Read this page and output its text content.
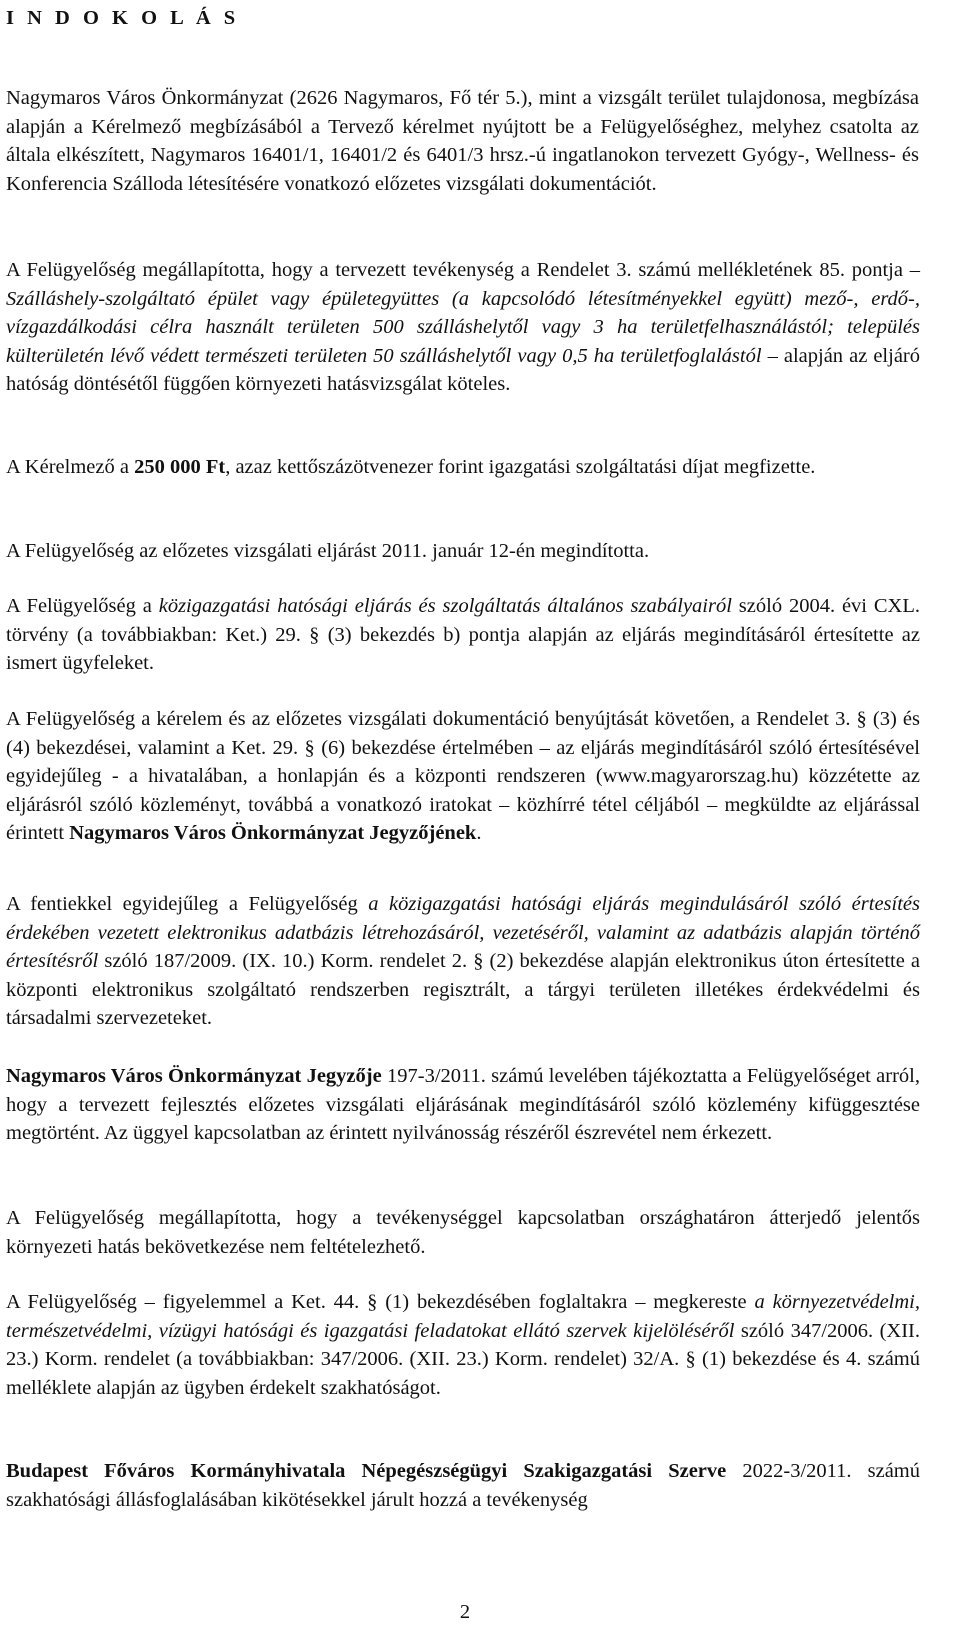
I N D O K O L Á S

Nagymaros Város Önkormányzat (2626 Nagymaros, Fő tér 5.), mint a vizsgált terület tulajdonosa, megbízása alapján a Kérelmező megbízásából a Tervező kérelmet nyújtott be a Felügyelőséghez, melyhez csatolta az általa elkészített, Nagymaros 16401/1, 16401/2 és 6401/3 hrsz.-ú ingatlanokon tervezett Gyógy-, Wellness- és Konferencia Szálloda létesítésére vonatkozó előzetes vizsgálati dokumentációt.

A Felügyelőség megállapította, hogy a tervezett tevékenység a Rendelet 3. számú mellékletének 85. pontja – Szálláshely-szolgáltató épület vagy épületegyüttes (a kapcsolódó létesítményekkel együtt) mező-, erdő-, vízgazdálkodási célra használt területen 500 szálláshelytől vagy 3 ha területfelhasználástól; település külterületén lévő védett természeti területen 50 szálláshelytől vagy 0,5 ha területfoglalástól – alapján az eljáró hatóság döntésétől függően környezeti hatásvizsgálat köteles.

A Kérelmező a 250 000 Ft, azaz kettőszázötvenezer forint igazgatási szolgáltatási díjat megfizette.

A Felügyelőség az előzetes vizsgálati eljárást 2011. január 12-én megindította.

A Felügyelőség a közigazgatási hatósági eljárás és szolgáltatás általános szabályairól szóló 2004. évi CXL. törvény (a továbbiakban: Ket.) 29. § (3) bekezdés b) pontja alapján az eljárás megindításáról értesítette az ismert ügyfeleket.

A Felügyelőség a kérelem és az előzetes vizsgálati dokumentáció benyújtását követően, a Rendelet 3. § (3) és (4) bekezdései, valamint a Ket. 29. § (6) bekezdése értelmében – az eljárás megindításáról szóló értesítésével egyidejűleg - a hivatalában, a honlapján és a központi rendszeren (www.magyarorszag.hu) közzétette az eljárásról szóló közleményt, továbbá a vonatkozó iratokat – közhírré tétel céljából – megküldte az eljárással érintett Nagymaros Város Önkormányzat Jegyzőjének.

A fentiekkel egyidejűleg a Felügyelőség a közigazgatási hatósági eljárás megindulásáról szóló értesítés érdekében vezetett elektronikus adatbázis létrehozásáról, vezetéséről, valamint az adatbázis alapján történő értesítésről szóló 187/2009. (IX. 10.) Korm. rendelet 2. § (2) bekezdése alapján elektronikus úton értesítette a központi elektronikus szolgáltató rendszerben regisztrált, a tárgyi területen illetékes érdekvédelmi és társadalmi szervezeteket.

Nagymaros Város Önkormányzat Jegyzője 197-3/2011. számú levelében tájékoztatta a Felügyelőséget arról, hogy a tervezett fejlesztés előzetes vizsgálati eljárásának megindításáról szóló közlemény kifüggesztése megtörtént. Az üggyel kapcsolatban az érintett nyilvánosság részéről észrevétel nem érkezett.

A Felügyelőség megállapította, hogy a tevékenységgel kapcsolatban országhatáron átterjedő jelentős környezeti hatás bekövetkezése nem feltételezhető.

A Felügyelőség – figyelemmel a Ket. 44. § (1) bekezdésében foglaltakra – megkereste a környezetvédelmi, természetvédelmi, vízügyi hatósági és igazgatási feladatokat ellátó szervek kijelöléséről szóló 347/2006. (XII. 23.) Korm. rendelet (a továbbiakban: 347/2006. (XII. 23.) Korm. rendelet) 32/A. § (1) bekezdése és 4. számú melléklete alapján az ügyben érdekelt szakhatóságot.

Budapest Főváros Kormányhivatala Népegészségügyi Szakigazgatási Szerve 2022-3/2011. számú szakhatósági állásfoglalásában kikötésekkel járult hozzá a tevékenység

2
